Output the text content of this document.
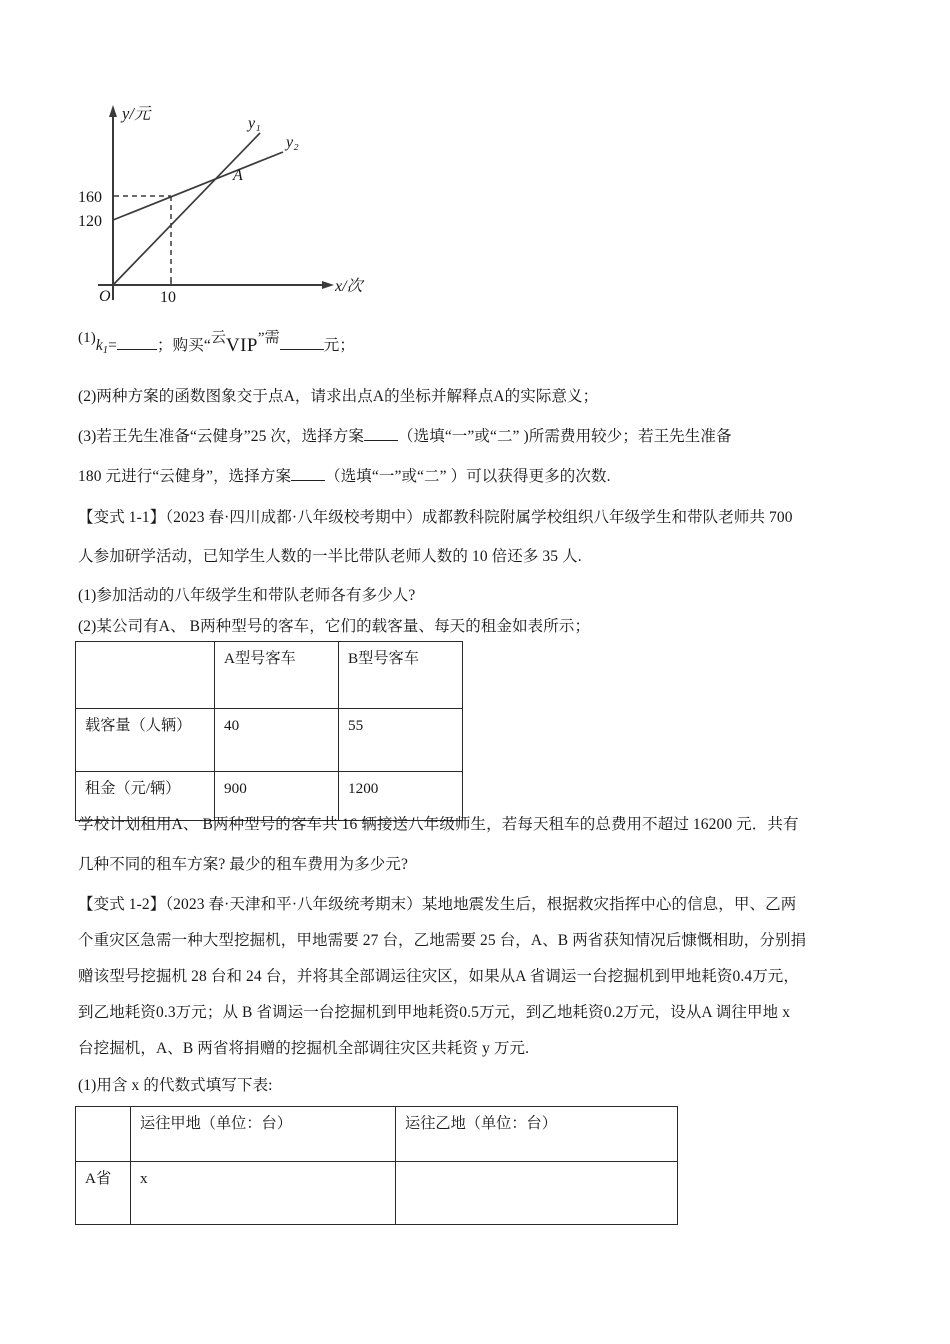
y/元
x/次
O
160
120
10
y₁
y₂
A
$(1)k_1=$	；购买“云VIP”需	元；
(2)两种方案的函数图象交于点A，请求出点A的坐标并解释点A的实际意义；
(3)若王先生准备“云健身”25 次，选择方案 （选填“一”或“二” )所需费用较少；若王先生准备
180 元进行“云健身”，选择方案 （选填“一”或“二” ）可以获得更多的次数.
【变式 1-1】（2023 春·四川成都·八年级校考期中）成都教科院附属学校组织八年级学生和带队老师共 700
人参加研学活动，已知学生人数的一半比带队老师人数的 10 倍还多 35 人.
(1)参加活动的八年级学生和带队老师各有多少人?
(2)某公司有A、 B两种型号的客车，它们的载客量、每天的租金如表所示；
	A型号客车	B型号客车
载客量（人辆）	40	55
租金（元/辆）	900	1200
学校计划租用A、 B两种型号的客车共 16 辆接送八年级师生，若每天租车的总费用不超过 16200 元．共有
几种不同的租车方案? 最少的租车费用为多少元?
【变式 1-2】（2023 春·天津和平·八年级统考期末）某地地震发生后，根据救灾指挥中心的信息，甲、乙两
个重灾区急需一种大型挖掘机，甲地需要 27 台，乙地需要 25 台，A、B 两省获知情况后慷慨相助，分别捐
赠该型号挖掘机 28 台和 24 台，并将其全部调运往灾区，如果从A 省调运一台挖掘机到甲地耗资0.4万元，
到乙地耗资0.3万元；从 B 省调运一台挖掘机到甲地耗资0.5万元，到乙地耗资0.2万元，设从A 调往甲地 x
台挖掘机，A、B 两省将捐赠的挖掘机全部调往灾区共耗资 y 万元.
(1)用含 x 的代数式填写下表:
	运往甲地（单位：台）	运往乙地（单位：台）
A省	x	
